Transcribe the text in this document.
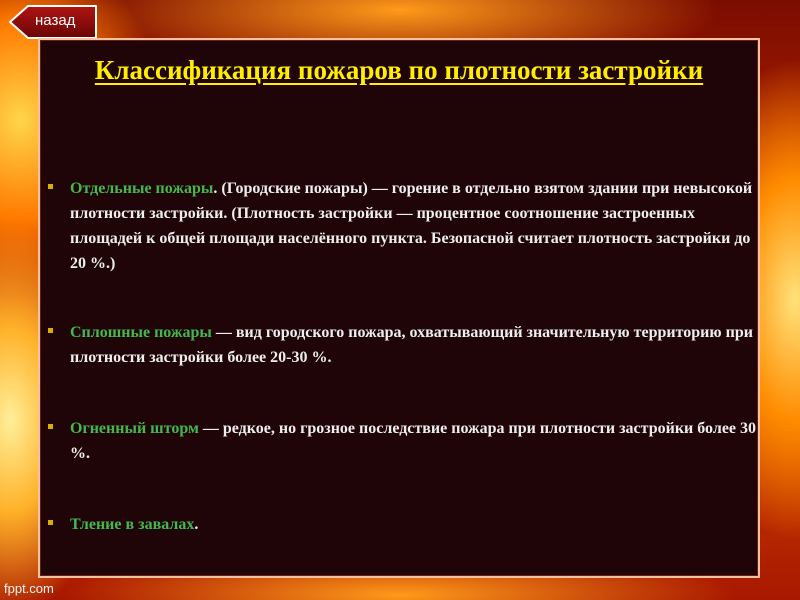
назад
Классификация пожаров по плотности застройки
Отдельные пожары. (Городские пожары) — горение в отдельно взятом здании при невысокой плотности застройки. (Плотность застройки — процентное соотношение застроенных площадей к общей площади населённого пункта. Безопасной считает плотность застройки до 20 %.)
Сплошные пожары — вид городского пожара, охватывающий значительную территорию при плотности застройки более 20-30 %.
Огненный шторм — редкое, но грозное последствие пожара при плотности застройки более 30 %.
Тление в завалах.
fppt.com
